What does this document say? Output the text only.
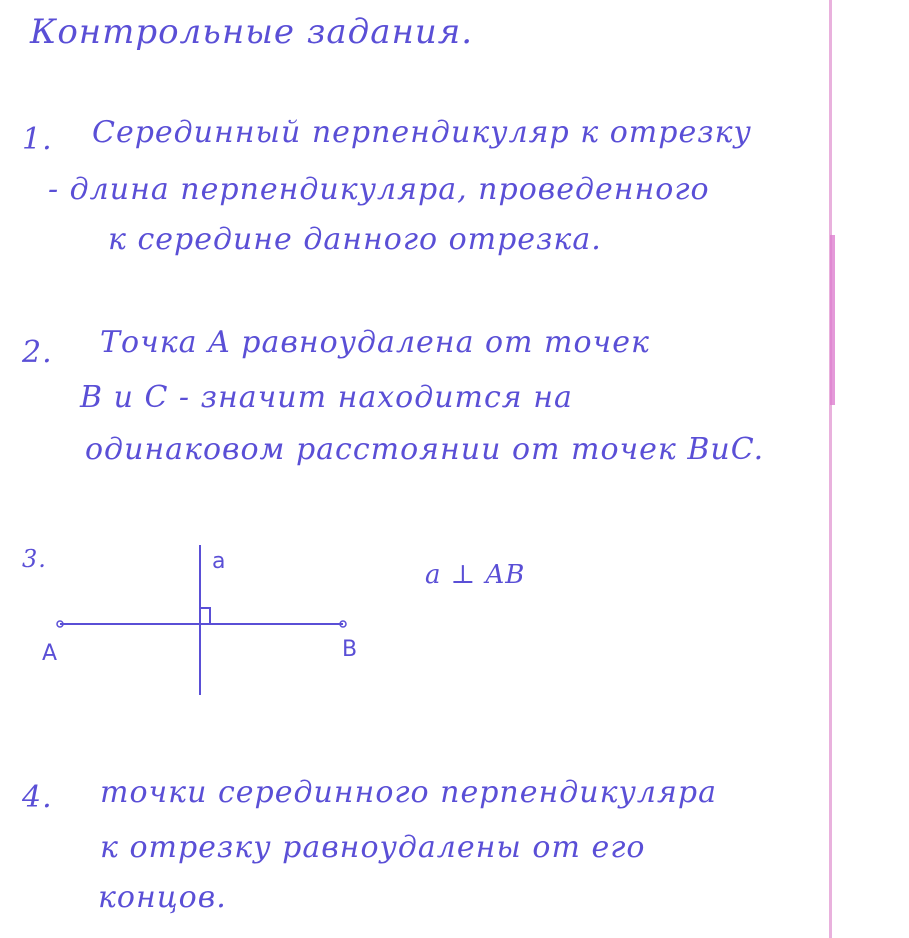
Контрольные задания.
1. Серединный перпендикуляр к отрезку
- длина перпендикуляра, проведенного
к середине данного отрезка.
2. Точка A равноудалена от точек
B и C - значит находится на
одинаковом расстоянии от точек BиC.
3.
a ⊥ AB
a
A	B
4. точки серединного перпендикуляра
к отрезку равноудалены от его
концов.
